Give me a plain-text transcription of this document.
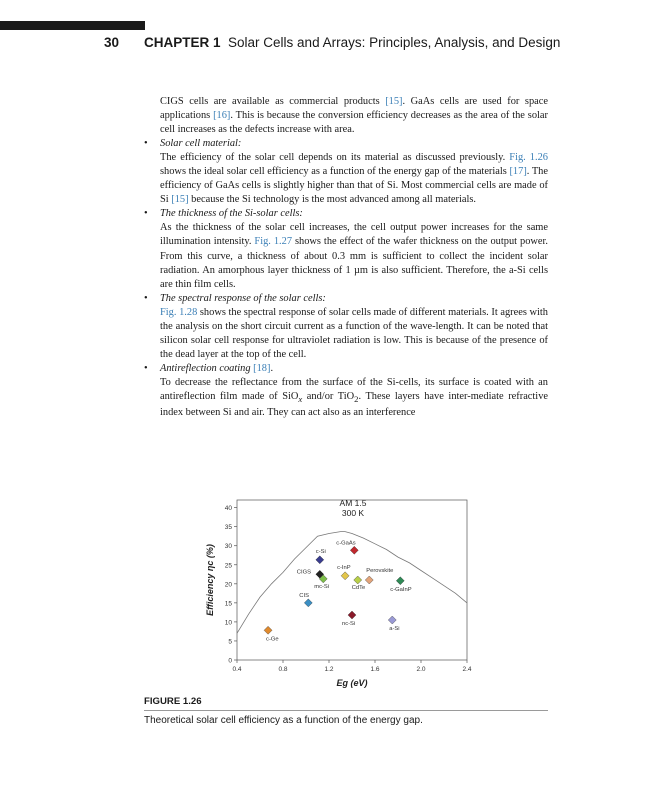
30 CHAPTER 1 Solar Cells and Arrays: Principles, Analysis, and Design

CIGS cells are available as commercial products [15]. GaAs cells are used for space applications [16]. This is because the conversion efficiency decreases as the area of the solar cell increases as the defects increase with area.

•	Solar cell material:

The efficiency of the solar cell depends on its material as discussed previously. Fig. 1.26 shows the ideal solar cell efficiency as a function of the energy gap of the materials [17]. The efficiency of GaAs cells is slightly higher than that of Si. Most commercial cells are made of Si [15] because the Si technology is the most advanced among all materials.

•	The thickness of the Si-solar cells:

As the thickness of the solar cell increases, the cell output power increases for the same illumination intensity. Fig. 1.27 shows the effect of the wafer thickness on the output power. From this curve, a thickness of about 0.3 mm is sufficient to collect the incident solar radiation. An amorphous layer thickness of 1 µm is also sufficient. Therefore, the a-Si cells are thin film cells.

•	The spectral response of the solar cells:

Fig. 1.28 shows the spectral response of solar cells made of different materials. It agrees with the analysis on the short circuit current as a function of the wave-length. It can be noted that silicon solar cell response for ultraviolet radiation is low. This is because of the presence of the dead layer at the top of the cell.

•	Antireflection coating [18].

To decrease the reflectance from the surface of the Si-cells, its surface is coated with an antireflection film made of SiO$_x$ and/or TiO$_2$. These layers have inter-mediate refractive index between Si and air. They can act also as an interference

0
5
10
15
20
25
30
35
40
0.4	0.8	1.2	1.6	2.0	2.4
c-GaAs
c-Si
CIGS
c-InP
mc-Si	CdTe
Perovskite
c-GaInP
CIS
nc-Si
a-Si
c-Ge
AM 1.5
300 K
Eg (eV)
Efficiency ηc (%)
FIGURE 1.26
Theoretical solar cell efficiency as a function of the energy gap.
